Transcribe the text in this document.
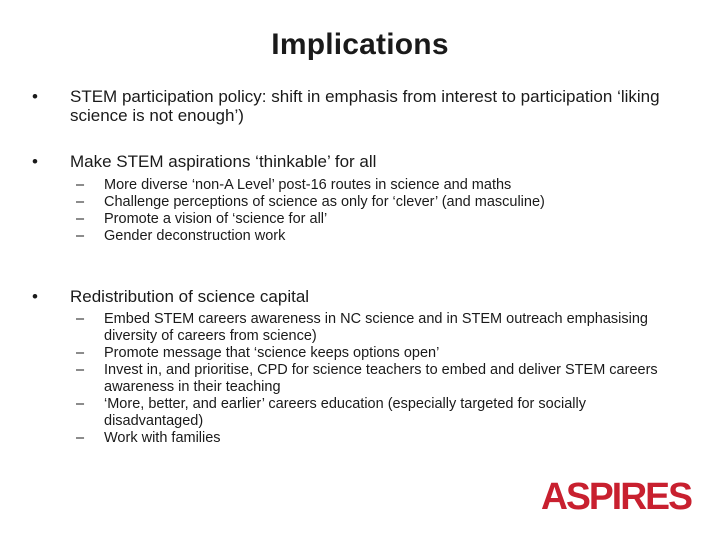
Implications
• STEM participation policy: shift in emphasis from interest to participation ‘liking science is not enough’)
• Make STEM aspirations ‘thinkable’ for all
– More diverse ‘non-A Level’ post-16 routes in science and maths
– Challenge perceptions of science as only for ‘clever’ (and masculine)
– Promote a vision of ‘science for all’
– Gender deconstruction work
• Redistribution of science capital
– Embed STEM careers awareness in NC science and in STEM outreach emphasising diversity of careers from science)
– Promote message that ‘science keeps options open’
– Invest in, and prioritise, CPD for science teachers to embed and deliver STEM careers awareness in their teaching
– ‘More, better, and earlier’ careers education (especially targeted for socially disadvantaged)
– Work with families
ASPIRES
